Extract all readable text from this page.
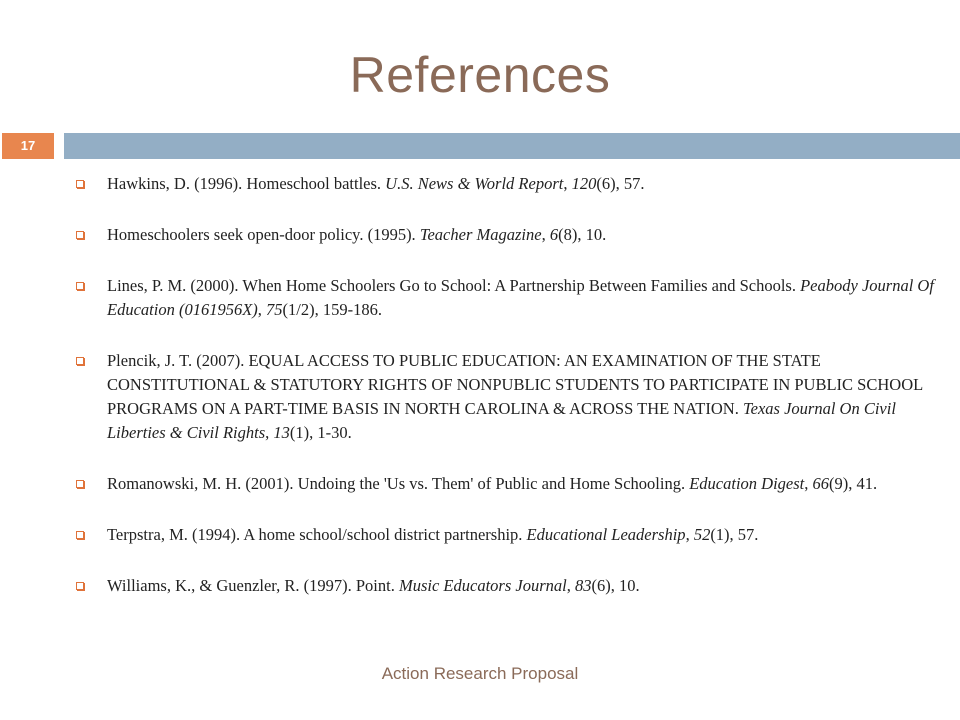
References
17
Hawkins, D. (1996). Homeschool battles. U.S. News & World Report, 120(6), 57.
Homeschoolers seek open-door policy. (1995). Teacher Magazine, 6(8), 10.
Lines, P. M. (2000). When Home Schoolers Go to School: A Partnership Between Families and Schools. Peabody Journal Of Education (0161956X), 75(1/2), 159-186.
Plencik, J. T. (2007). EQUAL ACCESS TO PUBLIC EDUCATION: AN EXAMINATION OF THE STATE CONSTITUTIONAL & STATUTORY RIGHTS OF NONPUBLIC STUDENTS TO PARTICIPATE IN PUBLIC SCHOOL PROGRAMS ON A PART-TIME BASIS IN NORTH CAROLINA & ACROSS THE NATION. Texas Journal On Civil Liberties & Civil Rights, 13(1), 1-30.
Romanowski, M. H. (2001). Undoing the 'Us vs. Them' of Public and Home Schooling. Education Digest, 66(9), 41.
Terpstra, M. (1994). A home school/school district partnership. Educational Leadership, 52(1), 57.
Williams, K., & Guenzler, R. (1997). Point. Music Educators Journal, 83(6), 10.
Action Research Proposal
